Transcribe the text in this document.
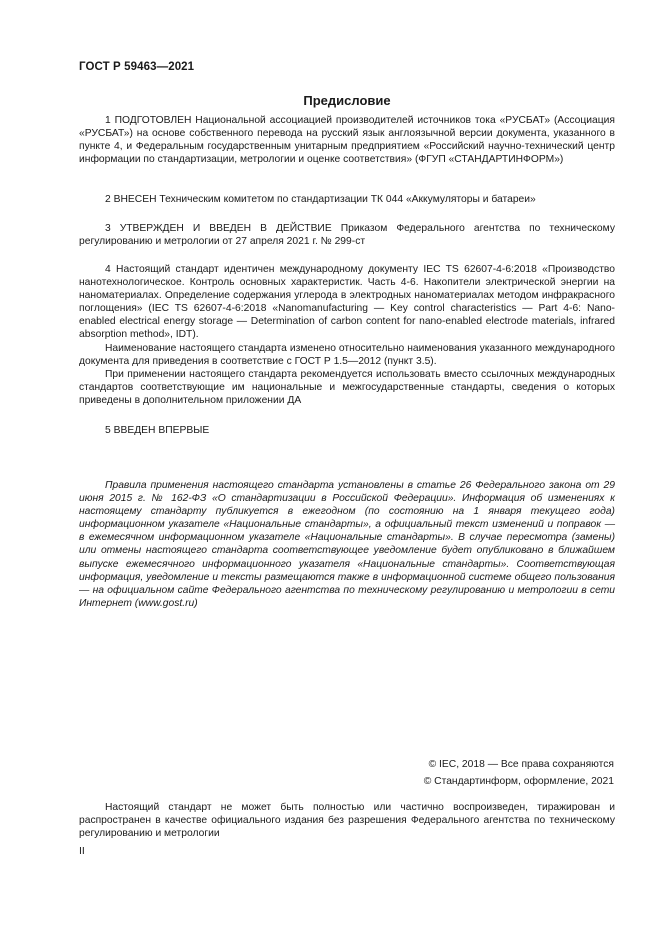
ГОСТ Р 59463—2021
Предисловие

1 ПОДГОТОВЛЕН Национальной ассоциацией производителей источников тока «РУСБАТ» (Ассоциация «РУСБАТ») на основе собственного перевода на русский язык англоязычной версии документа, указанного в пункте 4, и Федеральным государственным унитарным предприятием «Российский научно-технический центр информации по стандартизации, метрологии и оценке соответствия» (ФГУП «СТАНДАРТИНФОРМ»)

2 ВНЕСЕН Техническим комитетом по стандартизации ТК 044 «Аккумуляторы и батареи»

3 УТВЕРЖДЕН И ВВЕДЕН В ДЕЙСТВИЕ Приказом Федерального агентства по техническому регулированию и метрологии от 27 апреля 2021 г. № 299-ст

4 Настоящий стандарт идентичен международному документу IEC TS 62607-4-6:2018 «Производство нанотехнологическое. Контроль основных характеристик. Часть 4-6. Накопители электрической энергии на наноматериалах. Определение содержания углерода в электродных наноматериалах методом инфракрасного поглощения» (IEC TS 62607-4-6:2018 «Nanomanufacturing — Key control characteristics — Part 4-6: Nano-enabled electrical energy storage — Determination of carbon content for nano-enabled electrode materials, infrared absorption method», IDT).

Наименование настоящего стандарта изменено относительно наименования указанного международного документа для приведения в соответствие с ГОСТ Р 1.5—2012 (пункт 3.5).

При применении настоящего стандарта рекомендуется использовать вместо ссылочных международных стандартов соответствующие им национальные и межгосударственные стандарты, сведения о которых приведены в дополнительном приложении ДА

5 ВВЕДЕН ВПЕРВЫЕ

Правила применения настоящего стандарта установлены в статье 26 Федерального закона от 29 июня 2015 г. № 162-ФЗ «О стандартизации в Российской Федерации». Информация об изменениях к настоящему стандарту публикуется в ежегодном (по состоянию на 1 января текущего года) информационном указателе «Национальные стандарты», а официальный текст изменений и поправок — в ежемесячном информационном указателе «Национальные стандарты». В случае пересмотра (замены) или отмены настоящего стандарта соответствующее уведомление будет опубликовано в ближайшем выпуске ежемесячного информационного указателя «Национальные стандарты». Соответствующая информация, уведомление и тексты размещаются также в информационной системе общего пользования — на официальном сайте Федерального агентства по техническому регулированию и метрологии в сети Интернет (www.gost.ru)

© IEC, 2018 — Все права сохраняются
© Стандартинформ, оформление, 2021

Настоящий стандарт не может быть полностью или частично воспроизведен, тиражирован и распространен в качестве официального издания без разрешения Федерального агентства по техническому регулированию и метрологии

II
